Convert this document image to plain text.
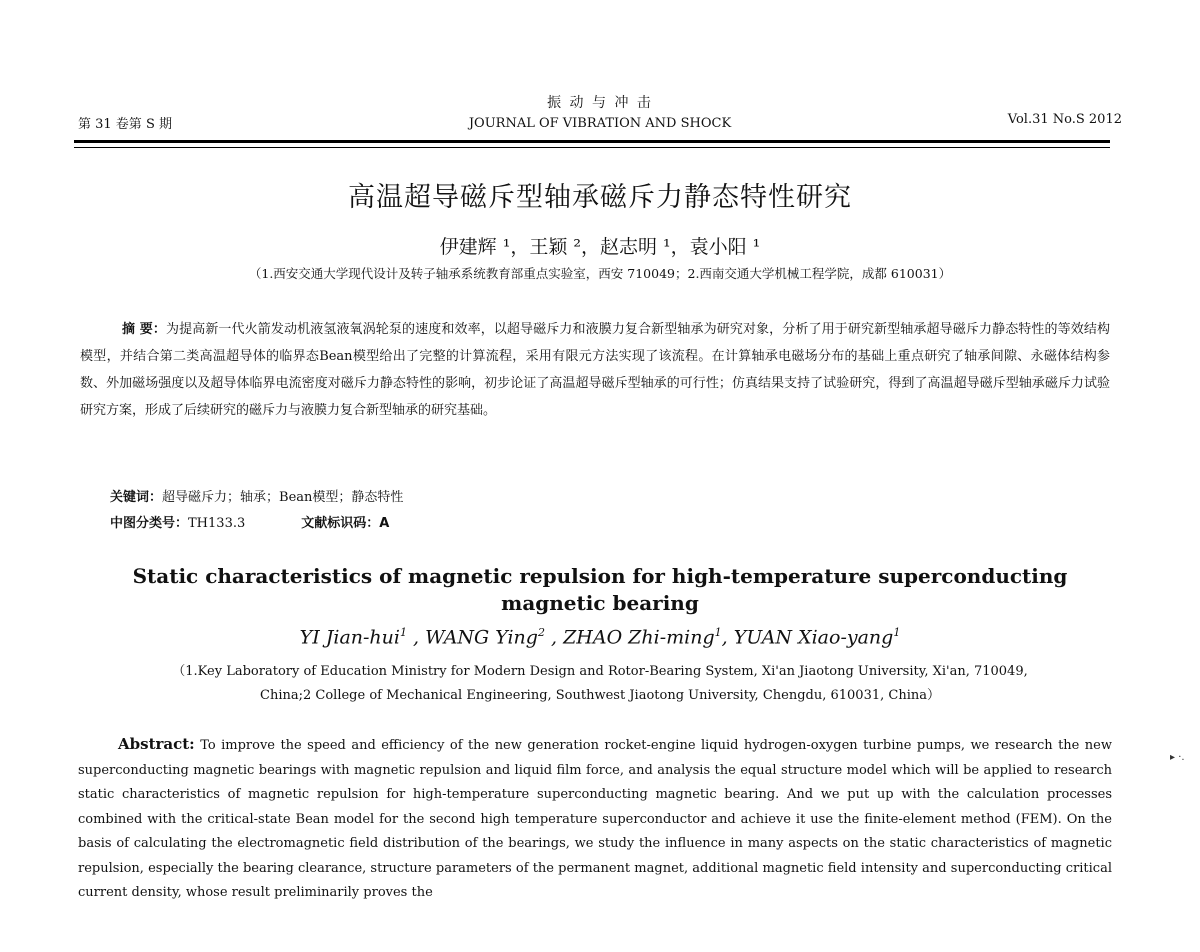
第 31 卷第 S 期
振 动 与 冲 击
JOURNAL OF VIBRATION AND SHOCK	Vol.31 No.S 2012
高温超导磁斥型轴承磁斥力静态特性研究
伊建辉 ¹，王颖 ²，赵志明 ¹，袁小阳 ¹
（1.西安交通大学现代设计及转子轴承系统教育部重点实验室，西安 710049；2.西南交通大学机械工程学院，成都 610031）
摘 要：为提高新一代火箭发动机液氢液氧涡轮泵的速度和效率，以超导磁斥力和液膜力复合新型轴承为研究对象，分析了用于研究新型轴承超导磁斥力静态特性的等效结构模型，并结合第二类高温超导体的临界态Bean模型给出了完整的计算流程，采用有限元方法实现了该流程。在计算轴承电磁场分布的基础上重点研究了轴承间隙、永磁体结构参数、外加磁场强度以及超导体临界电流密度对磁斥力静态特性的影响，初步论证了高温超导磁斥型轴承的可行性；仿真结果支持了试验研究，得到了高温超导磁斥型轴承磁斥力试验研究方案，形成了后续研究的磁斥力与液膜力复合新型轴承的研究基础。
关键词：超导磁斥力；轴承；Bean模型；静态特性
中图分类号：TH133.3	文献标识码：A
Static characteristics of magnetic repulsion for high-temperature superconducting magnetic bearing
YI Jian-hui$^1$ , WANG Ying$^2$ , ZHAO Zhi-ming$^1$, YUAN Xiao-yang$^1$
（1.Key Laboratory of Education Ministry for Modern Design and Rotor-Bearing System, Xi'an Jiaotong University, Xi'an, 710049,
China;2 College of Mechanical Engineering, Southwest Jiaotong University, Chengdu, 610031, China）
Abstract: To improve the speed and efficiency of the new generation rocket-engine liquid hydrogen-oxygen turbine pumps, we research the new superconducting magnetic bearings with magnetic repulsion and liquid film force, and analysis the equal structure model which will be applied to research static characteristics of magnetic repulsion for high-temperature superconducting magnetic bearing. And we put up with the calculation processes combined with the critical-state Bean model for the second high temperature superconductor and achieve it use the finite-element method (FEM). On the basis of calculating the electromagnetic field distribution of the bearings, we study the influence in many aspects on the static characteristics of magnetic repulsion, especially the bearing clearance, structure parameters of the permanent magnet, additional magnetic field intensity and superconducting critical current density, whose result preliminarily proves the
▸ ·.
